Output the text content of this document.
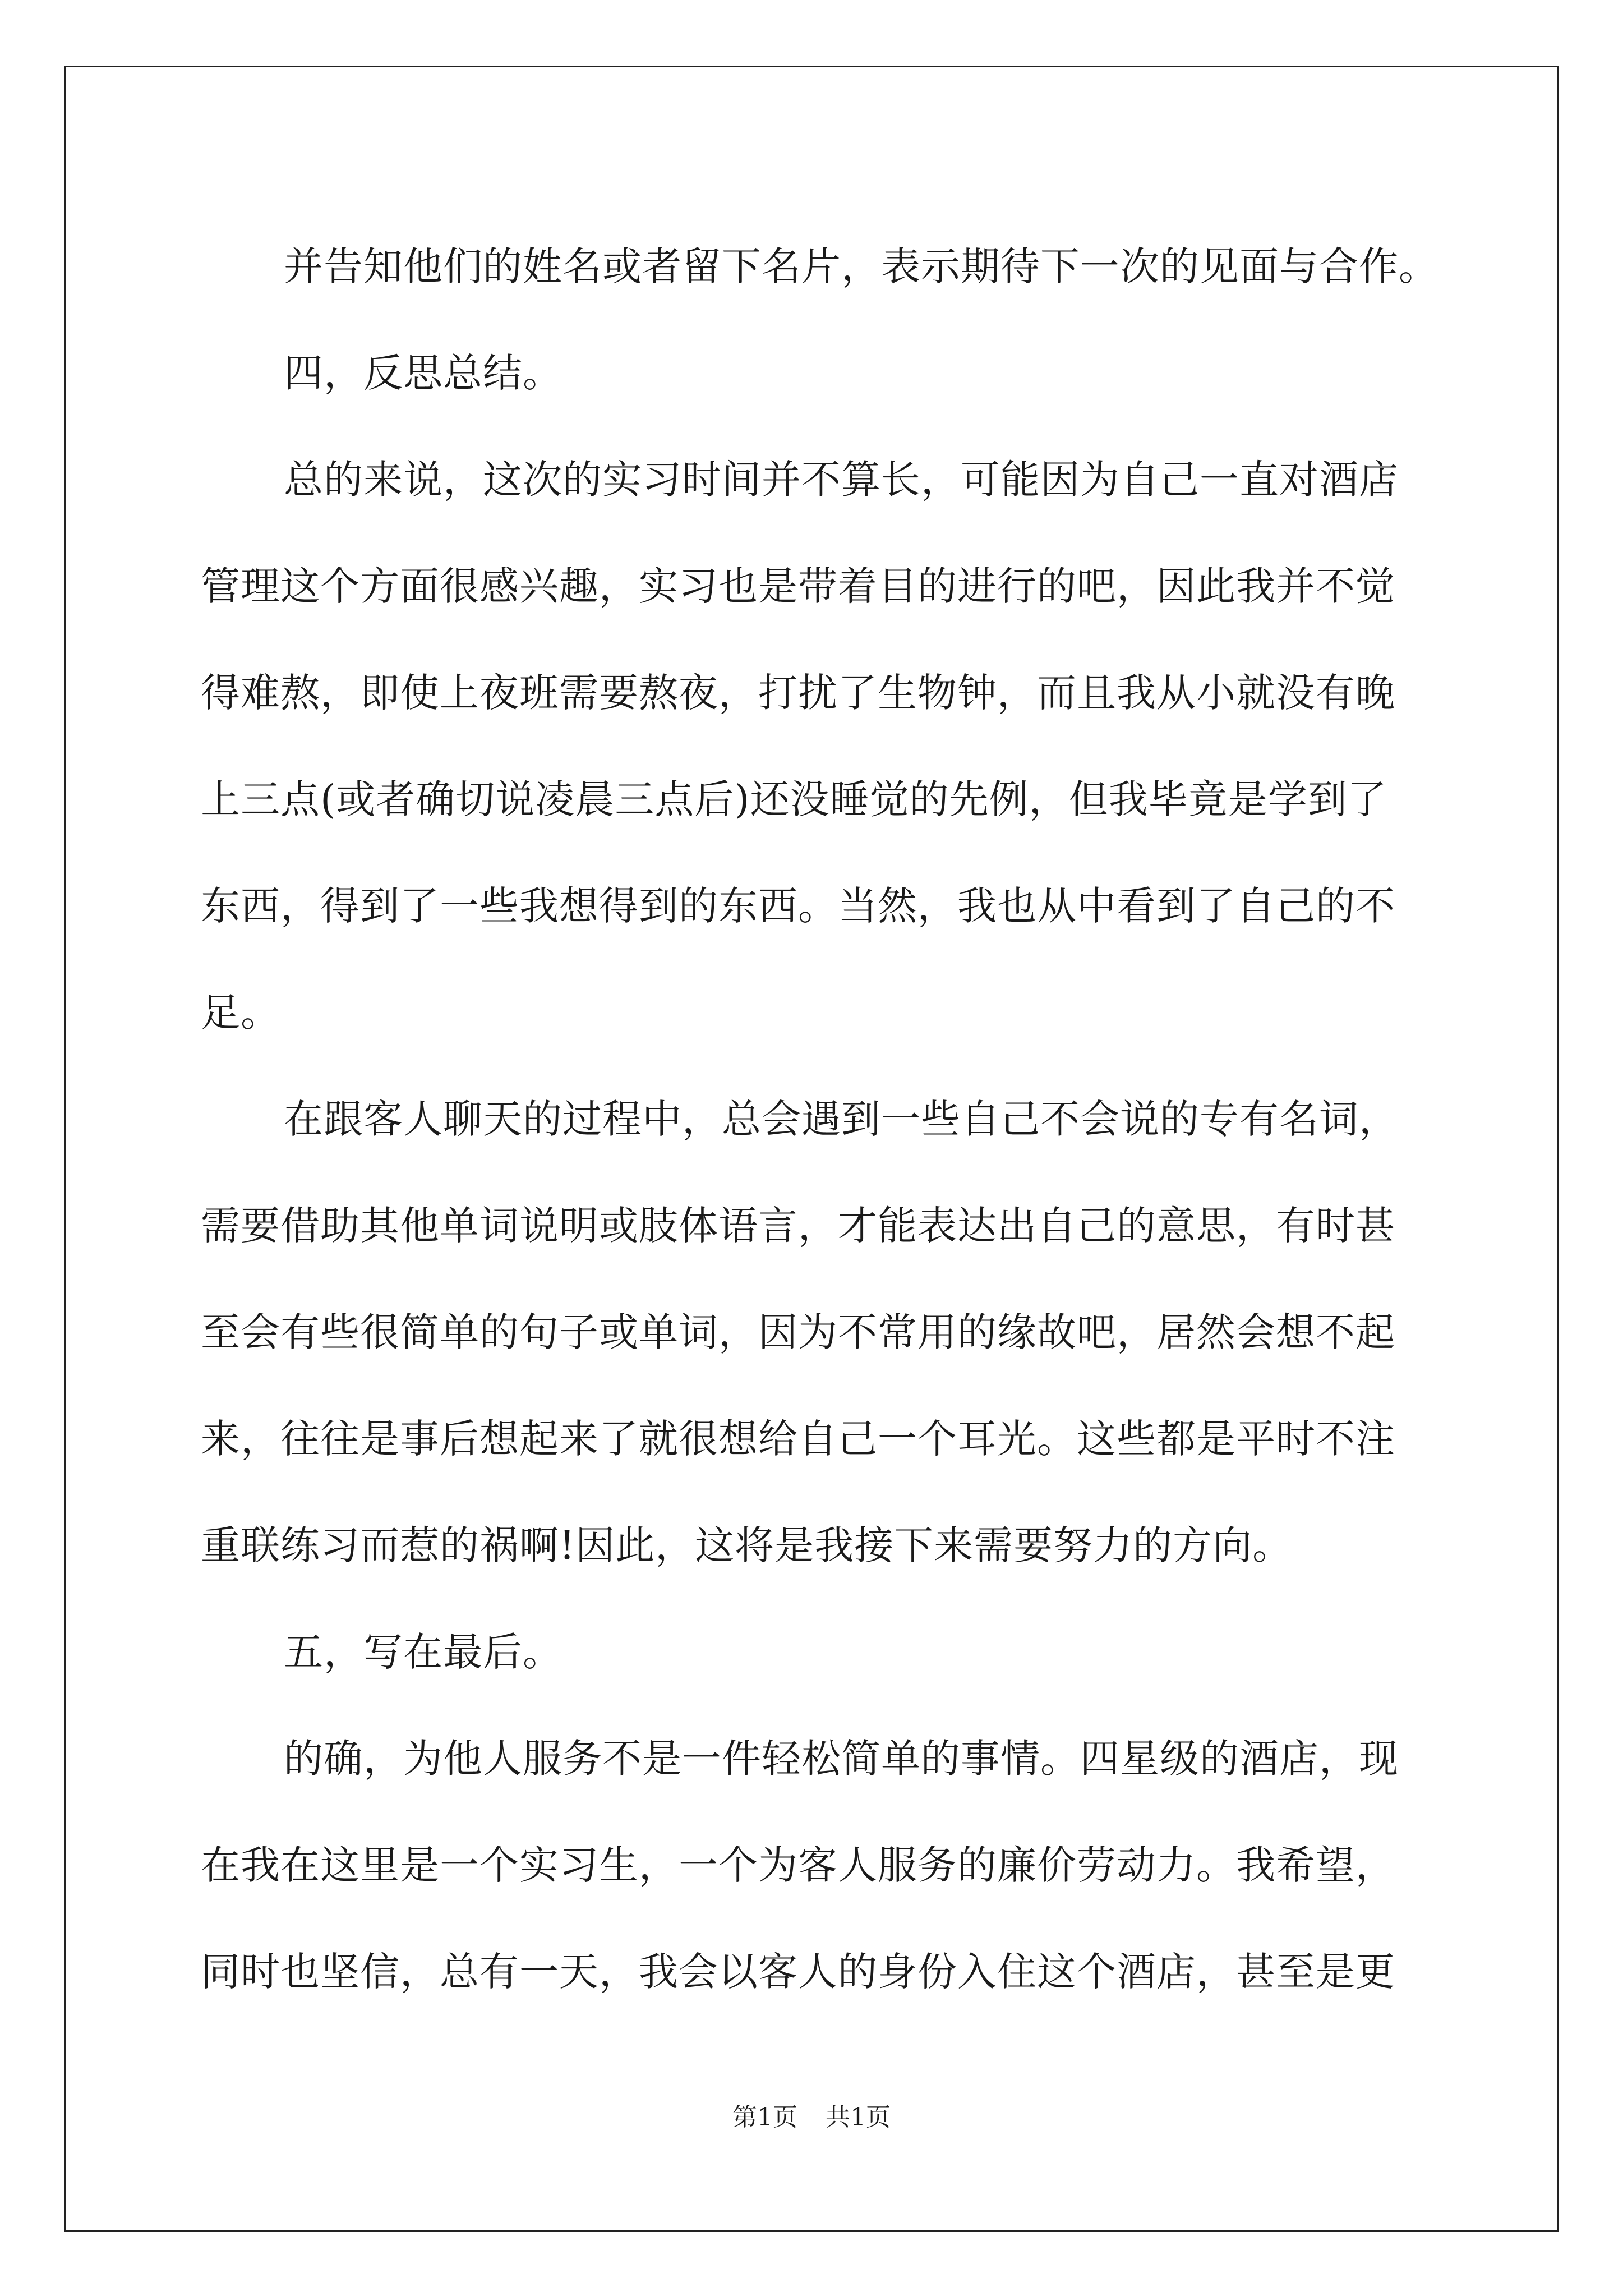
并告知他们的姓名或者留下名片，表示期待下一次的见面与合作。
四，反思总结。
总的来说，这次的实习时间并不算长，可能因为自己一直对酒店
管理这个方面很感兴趣，实习也是带着目的进行的吧，因此我并不觉
得难熬，即使上夜班需要熬夜，打扰了生物钟，而且我从小就没有晚
上三点(或者确切说凌晨三点后)还没睡觉的先例，但我毕竟是学到了
东西，得到了一些我想得到的东西。当然，我也从中看到了自己的不
足。
在跟客人聊天的过程中，总会遇到一些自己不会说的专有名词，
需要借助其他单词说明或肢体语言，才能表达出自己的意思，有时甚
至会有些很简单的句子或单词，因为不常用的缘故吧，居然会想不起
来，往往是事后想起来了就很想给自己一个耳光。这些都是平时不注
重联练习而惹的祸啊!因此，这将是我接下来需要努力的方向。
五，写在最后。
的确，为他人服务不是一件轻松简单的事情。四星级的酒店，现
在我在这里是一个实习生，一个为客人服务的廉价劳动力。我希望，
同时也坚信，总有一天，我会以客人的身份入住这个酒店，甚至是更
第1页 共1页
